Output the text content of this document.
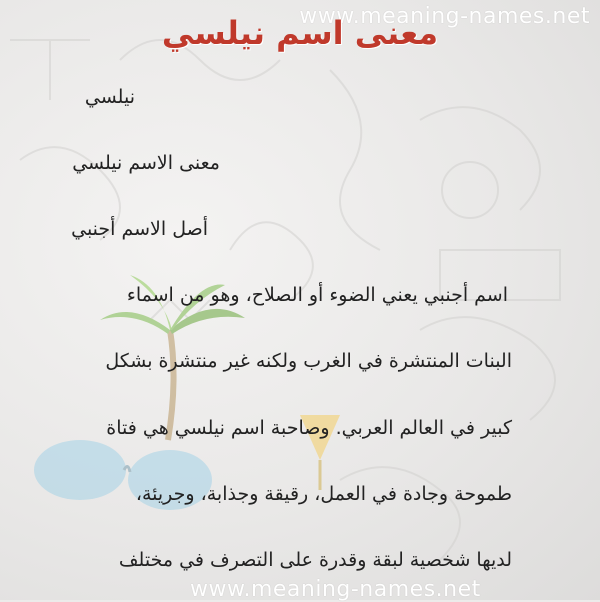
www.meaning-names.net
www.meaning-names.net
معنى اسم نيلسي
نيلسي
معنى الاسم نيلسي
أصل الاسم أجنبي
اسم أجنبي يعني الضوء أو الصلاح، وهو من اسماء
البنات المنتشرة في الغرب ولكنه غير منتشرة بشكل
كبير في العالم العربي. وصاحبة اسم نيلسي هي فتاة
طموحة وجادة في العمل، رقيقة وجذابة، وجريئة،
لديها شخصية لبقة وقدرة على التصرف في مختلف
